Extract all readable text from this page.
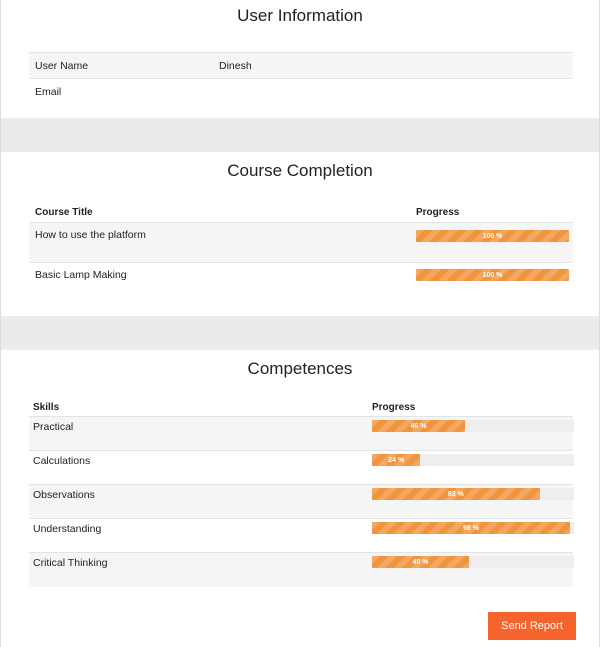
User Information
User Name	Dinesh
Email
Course Completion
Course Title	Progress
How to use the platform	100 %
Basic Lamp Making	100 %
Competences
Skills	Progress
Practical	46 %
Calculations	24 %
Observations	83 %
Understanding	98 %
Critical Thinking	48 %
Send Report
